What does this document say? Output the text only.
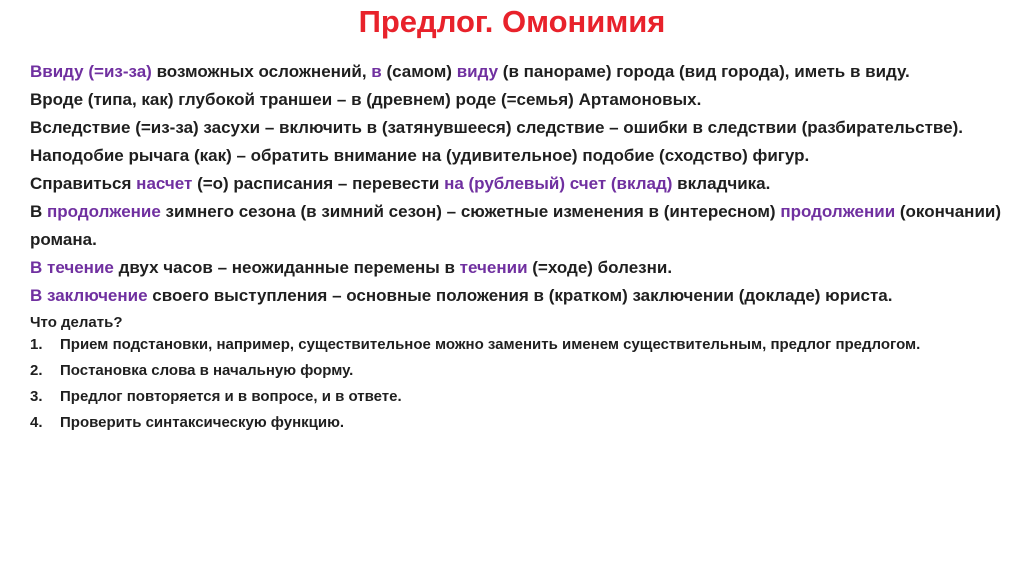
Предлог. Омонимия

Ввиду (=из-за) возможных осложнений, в (самом) виду (в панораме) города (вид города), иметь в виду.

Вроде (типа, как) глубокой траншеи – в (древнем) роде (=семья) Артамоновых.

Вследствие (=из-за) засухи – включить в (затянувшееся) следствие – ошибки в следствии (разбирательстве).

Наподобие рычага (как) – обратить внимание на (удивительное) подобие (сходство) фигур.

Справиться насчет (=о) расписания – перевести на (рублевый) счет (вклад) вкладчика.

В продолжение зимнего сезона (в зимний сезон) – сюжетные изменения в (интересном) продолжении (окончании) романа.

В течение двух часов – неожиданные перемены в течении (=ходе) болезни.

В заключение своего выступления – основные положения в (кратком) заключении (докладе) юриста.

Что делать?

1.	Прием подстановки, например, существительное можно заменить именем существительным, предлог предлогом.
2.	Постановка слова в начальную форму.
3.	Предлог повторяется и в вопросе, и в ответе.
4.	Проверить синтаксическую функцию.
